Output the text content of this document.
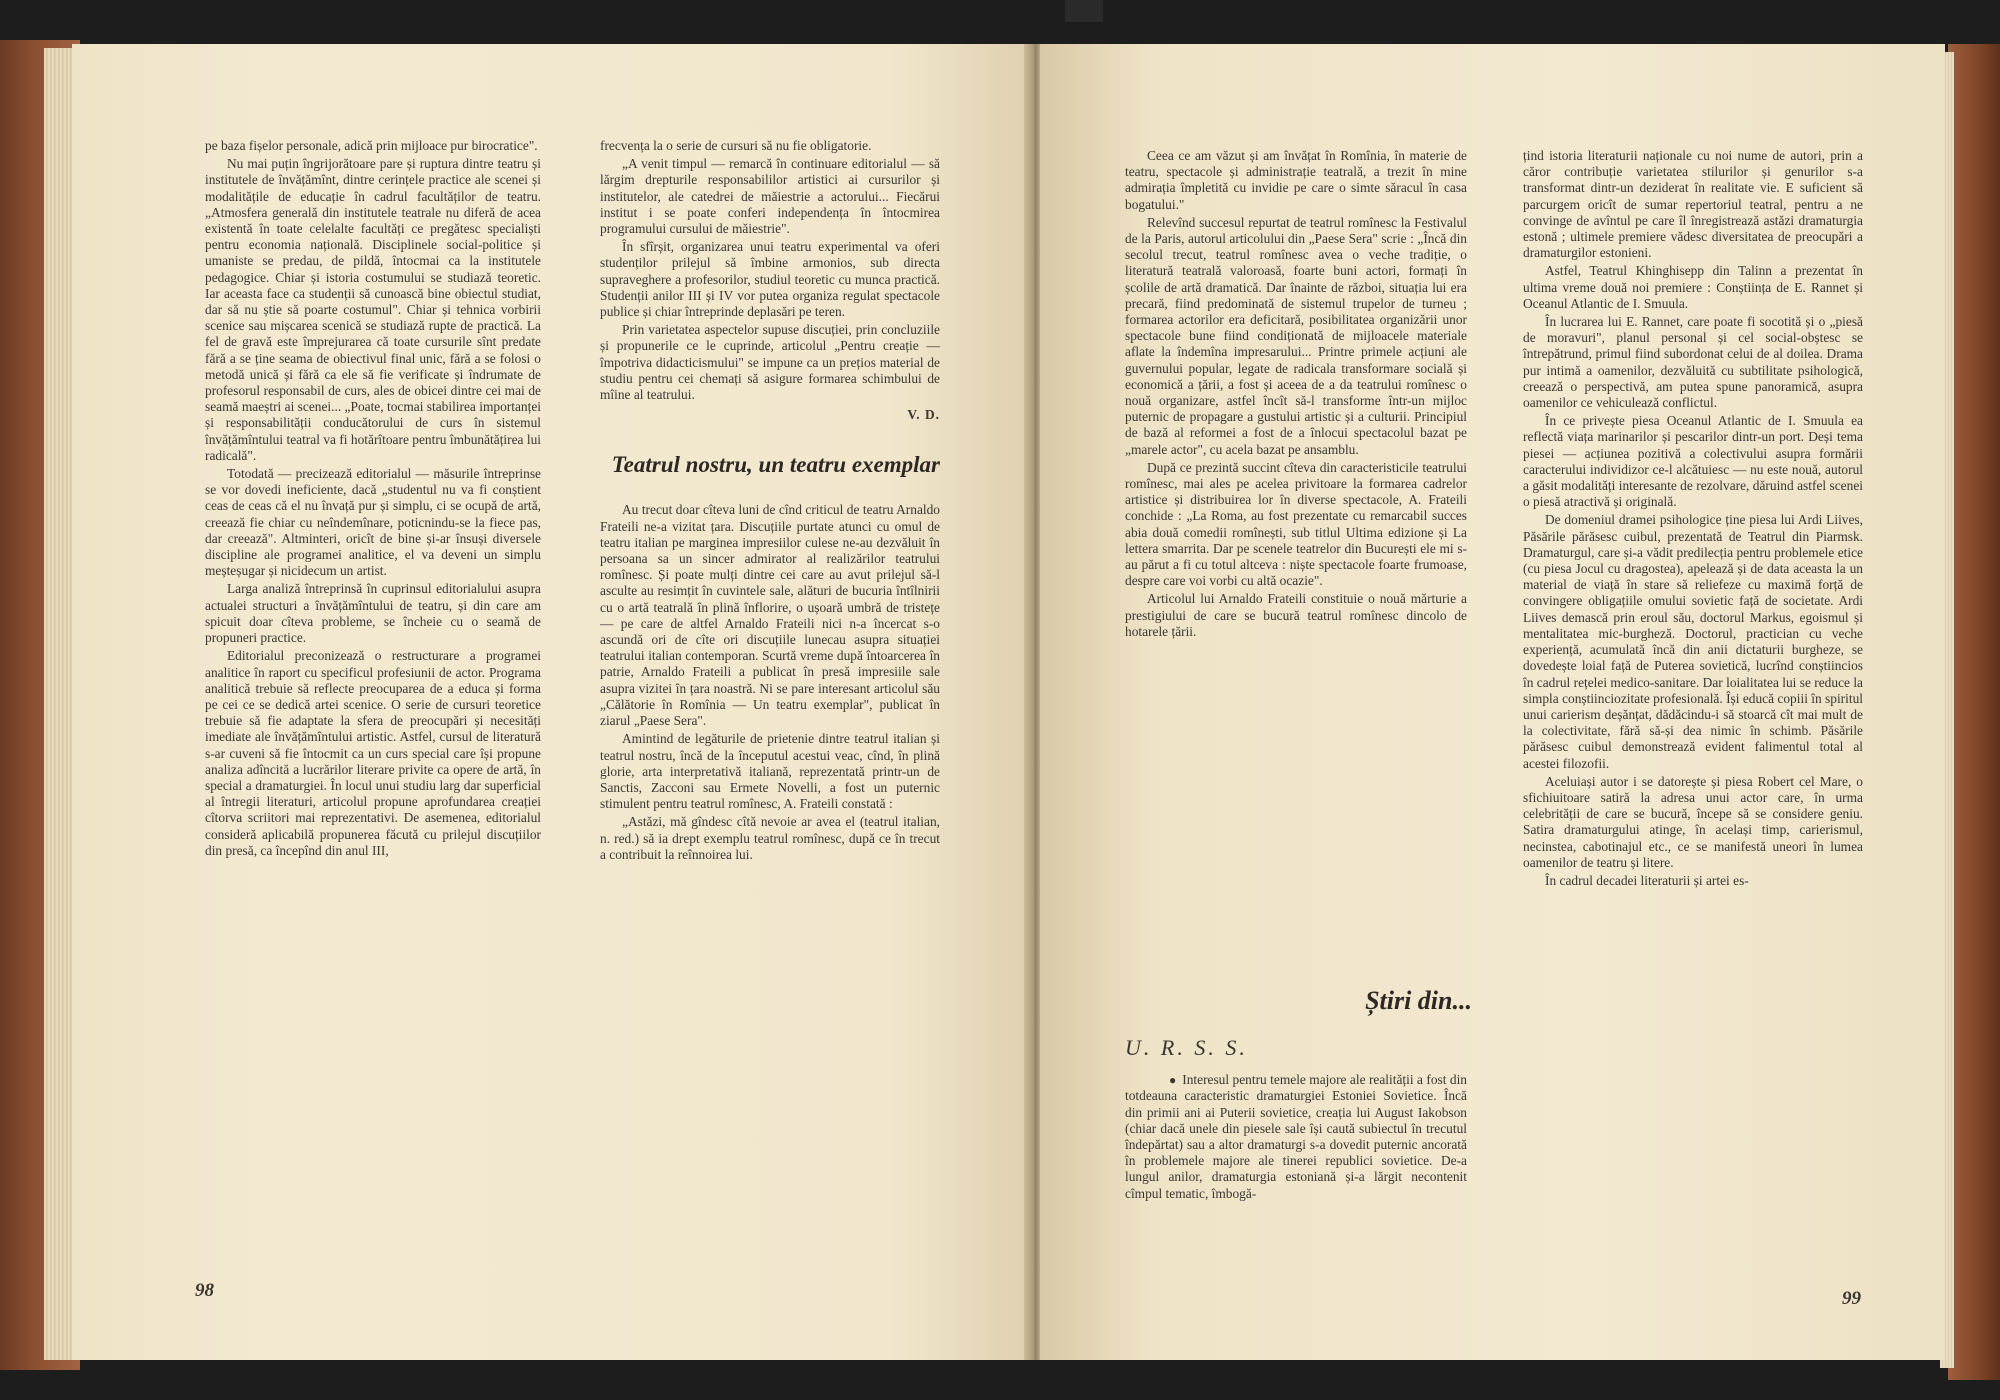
pe baza fișelor personale, adică prin mijloace pur birocratice".

Nu mai puțin îngrijorătoare pare și ruptura dintre teatru și institutele de învățămînt, dintre cerințele practice ale scenei și modalitățile de educație în cadrul facultăților de teatru. „Atmosfera generală din institutele teatrale nu diferă de acea existentă în toate celelalte facultăți ce pregătesc specialiști pentru economia națională. Disciplinele social-politice și umaniste se predau, de pildă, întocmai ca la institutele pedagogice. Chiar și istoria costumului se studiază teoretic. Iar aceasta face ca studenții să cunoască bine obiectul studiat, dar să nu știe să poarte costumul". Chiar și tehnica vorbirii scenice sau mișcarea scenică se studiază rupte de practică. La fel de gravă este împrejurarea că toate cursurile sînt predate fără a se ține seama de obiectivul final unic, fără a se folosi o metodă unică și fără ca ele să fie verificate și îndrumate de profesorul responsabil de curs, ales de obicei dintre cei mai de seamă maeștri ai scenei... „Poate, tocmai stabilirea importanței și responsabilității conducătorului de curs în sistemul învățămîntului teatral va fi hotărîtoare pentru îmbunătățirea lui radicală".

Totodată — precizează editorialul — măsurile întreprinse se vor dovedi ineficiente, dacă „studentul nu va fi conștient ceas de ceas că el nu învață pur și simplu, ci se ocupă de artă, creează fie chiar cu neîndemînare, poticnindu-se la fiece pas, dar creează". Altminteri, oricît de bine și-ar însuși diversele discipline ale programei analitice, el va deveni un simplu meșteșugar și nicidecum un artist.

Larga analiză întreprinsă în cuprinsul editorialului asupra actualei structuri a învățămîntului de teatru, și din care am spicuit doar cîteva probleme, se încheie cu o seamă de propuneri practice.

Editorialul preconizează o restructurare a programei analitice în raport cu specificul profesiunii de actor. Programa analitică trebuie să reflecte preocuparea de a educa și forma pe cei ce se dedică artei scenice. O serie de cursuri teoretice trebuie să fie adaptate la sfera de preocupări și necesități imediate ale învățămîntului artistic. Astfel, cursul de literatură s-ar cuveni să fie întocmit ca un curs special care își propune analiza adîncită a lucrărilor literare privite ca opere de artă, în special a dramaturgiei. În locul unui studiu larg dar superficial al întregii literaturi, articolul propune aprofundarea creației cîtorva scriitori mai reprezentativi. De asemenea, editorialul consideră aplicabilă propunerea făcută cu prilejul discuțiilor din presă, ca începînd din anul III,

frecvența la o serie de cursuri să nu fie obligatorie.

„A venit timpul — remarcă în continuare editorialul — să lărgim drepturile responsabililor artistici ai cursurilor și institutelor, ale catedrei de măiestrie a actorului... Fiecărui institut i se poate conferi independența în întocmirea programului cursului de măiestrie".

În sfîrșit, organizarea unui teatru experimental va oferi studenților prilejul să îmbine armonios, sub directa supraveghere a profesorilor, studiul teoretic cu munca practică. Studenții anilor III și IV vor putea organiza regulat spectacole publice și chiar întreprinde deplasări pe teren.

Prin varietatea aspectelor supuse discuției, prin concluziile și propunerile ce le cuprinde, articolul „Pentru creație — împotriva didacticismului" se impune ca un prețios material de studiu pentru cei chemați să asigure formarea schimbului de mîine al teatrului.

V. D.
Teatrul nostru, un teatru exemplar

Au trecut doar cîteva luni de cînd criticul de teatru Arnaldo Frateili ne-a vizitat țara. Discuțiile purtate atunci cu omul de teatru italian pe marginea impresiilor culese ne-au dezvăluit în persoana sa un sincer admirator al realizărilor teatrului romînesc. Și poate mulți dintre cei care au avut prilejul să-l asculte au resimțit în cuvintele sale, alături de bucuria întîlnirii cu o artă teatrală în plină înflorire, o ușoară umbră de tristețe — pe care de altfel Arnaldo Frateili nici n-a încercat s-o ascundă ori de cîte ori discuțiile lunecau asupra situației teatrului italian contemporan. Scurtă vreme după întoarcerea în patrie, Arnaldo Frateili a publicat în presă impresiile sale asupra vizitei în țara noastră. Ni se pare interesant articolul său „Călătorie în Romînia — Un teatru exemplar", publicat în ziarul „Paese Sera".

Amintind de legăturile de prietenie dintre teatrul italian și teatrul nostru, încă de la începutul acestui veac, cînd, în plină glorie, arta interpretativă italiană, reprezentată printr-un de Sanctis, Zacconi sau Ermete Novelli, a fost un puternic stimulent pentru teatrul romînesc, A. Frateili constată :

„Astăzi, mă gîndesc cîtă nevoie ar avea el (teatrul italian, n. red.) să ia drept exemplu teatrul romînesc, după ce în trecut a contribuit la reînnoirea lui.

98

Ceea ce am văzut și am învățat în Romînia, în materie de teatru, spectacole și administrație teatrală, a trezit în mine admirația împletită cu invidie pe care o simte săracul în casa bogatului."

Relevînd succesul repurtat de teatrul romînesc la Festivalul de la Paris, autorul articolului din „Paese Sera" scrie : „Încă din secolul trecut, teatrul romînesc avea o veche tradiție, o literatură teatrală valoroasă, foarte buni actori, formați în școlile de artă dramatică. Dar înainte de război, situația lui era precară, fiind predominată de sistemul trupelor de turneu ; formarea actorilor era deficitară, posibilitatea organizării unor spectacole bune fiind condiționată de mijloacele materiale aflate la îndemîna impresarului... Printre primele acțiuni ale guvernului popular, legate de radicala transformare socială și economică a țării, a fost și aceea de a da teatrului romînesc o nouă organizare, astfel încît să-l transforme într-un mijloc puternic de propagare a gustului artistic și a culturii. Principiul de bază al reformei a fost de a înlocui spectacolul bazat pe „marele actor", cu acela bazat pe ansamblu.

După ce prezintă succint cîteva din caracteristicile teatrului romînesc, mai ales pe acelea privitoare la formarea cadrelor artistice și distribuirea lor în diverse spectacole, A. Frateili conchide : „La Roma, au fost prezentate cu remarcabil succes abia două comedii romînești, sub titlul Ultima edizione și La lettera smarrita. Dar pe scenele teatrelor din București ele mi s-au părut a fi cu totul altceva : niște spectacole foarte frumoase, despre care voi vorbi cu altă ocazie".

Articolul lui Arnaldo Frateili constituie o nouă mărturie a prestigiului de care se bucură teatrul romînesc dincolo de hotarele țării.

Știri din...
U. R. S. S.

● Interesul pentru temele majore ale realității a fost din totdeauna caracteristic dramaturgiei Estoniei Sovietice. Încă din primii ani ai Puterii sovietice, creația lui August Iakobson (chiar dacă unele din piesele sale își caută subiectul în trecutul îndepărtat) sau a altor dramaturgi s-a dovedit puternic ancorată în problemele majore ale tinerei republici sovietice. De-a lungul anilor, dramaturgia estoniană și-a lărgit necontenit cîmpul tematic, îmbogă-

țind istoria literaturii naționale cu noi nume de autori, prin a căror contribuție varietatea stilurilor și genurilor s-a transformat dintr-un deziderat în realitate vie. E suficient să parcurgem oricît de sumar repertoriul teatral, pentru a ne convinge de avîntul pe care îl înregistrează astăzi dramaturgia estonă ; ultimele premiere vădesc diversitatea de preocupări a dramaturgilor estonieni.

Astfel, Teatrul Khinghisepp din Talinn a prezentat în ultima vreme două noi premiere : Conștiința de E. Rannet și Oceanul Atlantic de I. Smuula.

În lucrarea lui E. Rannet, care poate fi socotită și o „piesă de moravuri", planul personal și cel social-obștesc se întrepătrund, primul fiind subordonat celui de al doilea. Drama pur intimă a oamenilor, dezvăluită cu subtilitate psihologică, creează o perspectivă, am putea spune panoramică, asupra oamenilor ce vehiculează conflictul.

În ce privește piesa Oceanul Atlantic de I. Smuula ea reflectă viața marinarilor și pescarilor dintr-un port. Deși tema piesei — acțiunea pozitivă a colectivului asupra formării caracterului individizor ce-l alcătuiesc — nu este nouă, autorul a găsit modalități interesante de rezolvare, dăruind astfel scenei o piesă atractivă și originală.

De domeniul dramei psihologice ține piesa lui Ardi Liives, Păsările părăsesc cuibul, prezentată de Teatrul din Piarmsk. Dramaturgul, care și-a vădit predilecția pentru problemele etice (cu piesa Jocul cu dragostea), apelează și de data aceasta la un material de viață în stare să reliefeze cu maximă forță de convingere obligațiile omului sovietic față de societate. Ardi Liives demască prin eroul său, doctorul Markus, egoismul și mentalitatea mic-burgheză. Doctorul, practician cu veche experiență, acumulată încă din anii dictaturii burgheze, se dovedește loial față de Puterea sovietică, lucrînd conștiincios în cadrul rețelei medico-sanitare. Dar loialitatea lui se reduce la simpla conștiinciozitate profesională. Își educă copiii în spiritul unui carierism deșănțat, dădăcindu-i să stoarcă cît mai mult de la colectivitate, fără să-și dea nimic în schimb. Păsările părăsesc cuibul demonstrează evident falimentul total al acestei filozofii.

Aceluiași autor i se datorește și piesa Robert cel Mare, o sfichiuitoare satiră la adresa unui actor care, în urma celebrității de care se bucură, începe să se considere geniu. Satira dramaturgului atinge, în același timp, carierismul, necinstea, cabotinajul etc., ce se manifestă uneori în lumea oamenilor de teatru și litere.

În cadrul decadei literaturii și artei es-

99
